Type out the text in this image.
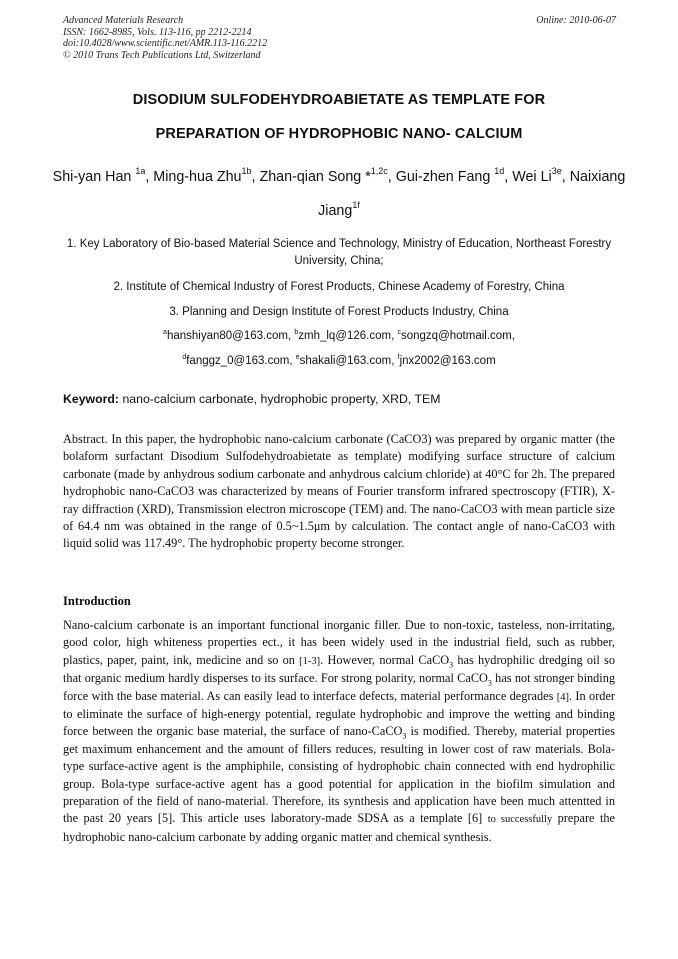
Advanced Materials Research
ISSN: 1662-8985, Vols. 113-116, pp 2212-2214
doi:10.4028/www.scientific.net/AMR.113-116.2212
© 2010 Trans Tech Publications Ltd, Switzerland
Online: 2010-06-07
DISODIUM SULFODEHYDROABIETATE AS TEMPLATE FOR
PREPARATION OF HYDROPHOBIC NANO- CALCIUM
Shi-yan Han $^{1a}$, Ming-hua Zhu$^{1b}$, Zhan-qian Song *$^{1,2c}$, Gui-zhen Fang $^{1d}$, Wei $Li^{3e}$, Naixiang Jiang$^{1f}$
1. Key Laboratory of Bio-based Material Science and Technology, Ministry of Education, Northeast Forestry University, China;
2. Institute of Chemical Industry of Forest Products, Chinese Academy of Forestry, China
3. Planning and Design Institute of Forest Products Industry, China
$^a$hanshiyan80@163.com, $^b$zmh_lq@126.com, $^c$songzq@hotmail.com,
$^d$fanggz_0@163.com, $^e$shakali@163.com, $^f$jnx2002@163.com
Keyword: nano-calcium carbonate, hydrophobic property, XRD, TEM
Abstract. In this paper, the hydrophobic nano-calcium carbonate (CaCO3) was prepared by organic matter (the bolaform surfactant Disodium Sulfodehydroabietate as template) modifying surface structure of calcium carbonate (made by anhydrous sodium carbonate and anhydrous calcium chloride) at 40°C for 2h. The prepared hydrophobic nano-CaCO3 was characterized by means of Fourier transform infrared spectroscopy (FTIR), X-ray diffraction (XRD), Transmission electron microscope (TEM) and. The nano-CaCO3 with mean particle size of 64.4 nm was obtained in the range of 0.5~1.5μm by calculation. The contact angle of nano-CaCO3 with liquid solid was 117.49°. The hydrophobic property become stronger.
Introduction
Nano-calcium carbonate is an important functional inorganic filler. Due to non-toxic, tasteless, non-irritating, good color, high whiteness properties ect., it has been widely used in the industrial field, such as rubber, plastics, paper, paint, ink, medicine and so on [1-3]. However, normal CaCO$_3$ has hydrophilic dredging oil so that organic medium hardly disperses to its surface. For strong polarity, normal CaCO$_3$ has not stronger binding force with the base material. As can easily lead to interface defects, material performance degrades [4]. In order to eliminate the surface of high-energy potential, regulate hydrophobic and improve the wetting and binding force between the organic base material, the surface of nano-CaCO$_3$ is modified. Thereby, material properties get maximum enhancement and the amount of fillers reduces, resulting in lower cost of raw materials. Bola-type surface-active agent is the amphiphile, consisting of hydrophobic chain connected with end hydrophilic group. Bola-type surface-active agent has a good potential for application in the biofilm simulation and preparation of the field of nano-material. Therefore, its synthesis and application have been much attentted in the past 20 years [5]. This article uses laboratory-made SDSA as a template [6] to successfully prepare the hydrophobic nano-calcium carbonate by adding organic matter and chemical synthesis.
